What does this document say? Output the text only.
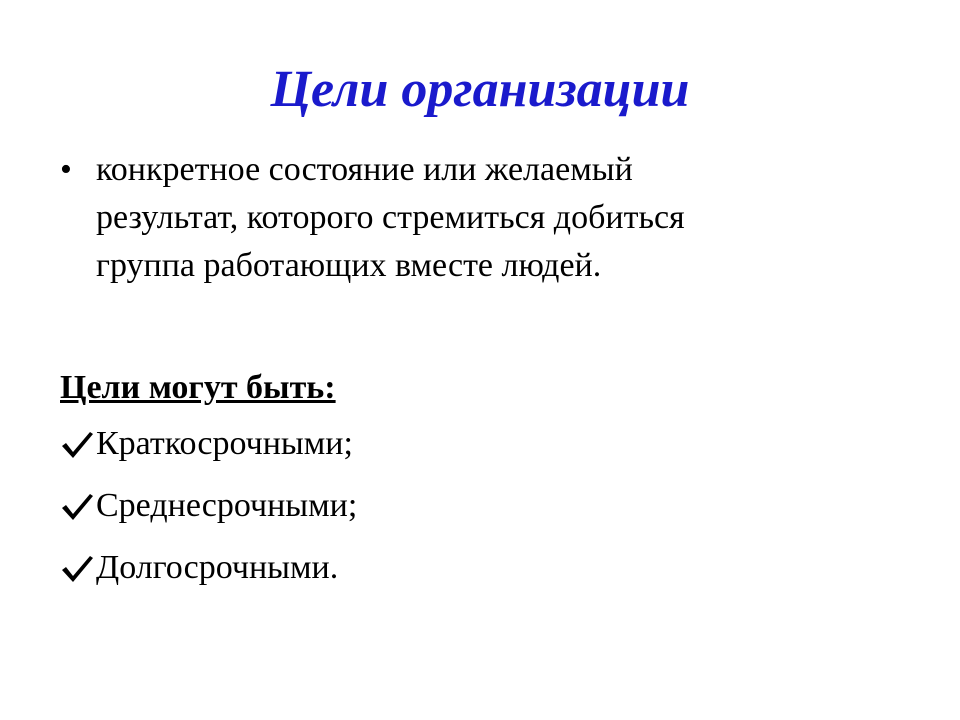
Цели организации
• конкретное состояние или желаемый
результат, которого стремиться добиться
группа работающих вместе людей.
Цели могут быть:
Краткосрочными;
Среднесрочными;
Долгосрочными.
